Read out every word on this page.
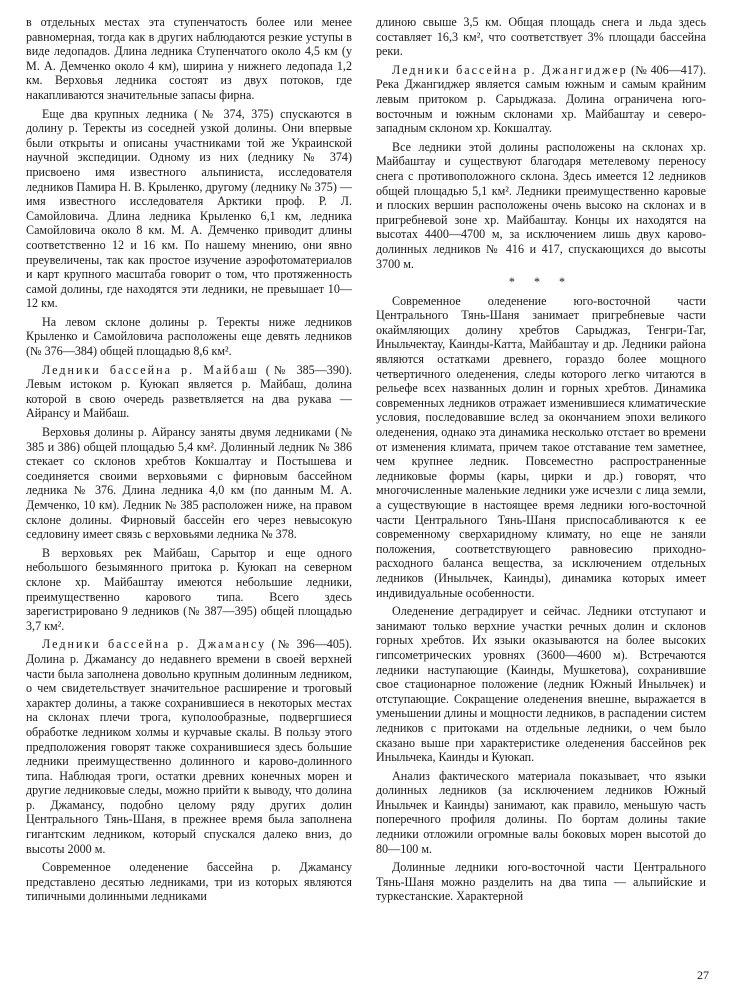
в отдельных местах эта ступенчатость более или менее равномерная, тогда как в других наблюдаются резкие уступы в виде ледопадов. Длина ледника Ступенчатого около 4,5 км (у М. А. Демченко около 4 км), ширина у нижнего ледопада 1,2 км. Верховья ледника состоят из двух потоков, где накапливаются значительные запасы фирна.

Еще два крупных ледника (№ 374, 375) спускаются в долину р. Теректы из соседней узкой долины. Они впервые были открыты и описаны участниками той же Украинской научной экспедиции. Одному из них (леднику № 374) присвоено имя известного альпиниста, исследователя ледников Памира Н. В. Крыленко, другому (леднику № 375) — имя известного исследователя Арктики проф. Р. Л. Самойловича. Длина ледника Крыленко 6,1 км, ледника Самойловича около 8 км. М. А. Демченко приводит длины соответственно 12 и 16 км. По нашему мнению, они явно преувеличены, так как простое изучение аэрофотоматериалов и карт крупного масштаба говорит о том, что протяженность самой долины, где находятся эти ледники, не превышает 10—12 км.

На левом склоне долины р. Теректы ниже ледников Крыленко и Самойловича расположены еще девять ледников (№ 376—384) общей площадью 8,6 км².

Ледники бассейна р. Майбаш (№ 385—390). Левым истоком р. Куюкап является р. Майбаш, долина которой в свою очередь разветвляется на два рукава — Айрансу и Майбаш.

Верховья долины р. Айрансу заняты двумя ледниками (№ 385 и 386) общей площадью 5,4 км². Долинный ледник № 386 стекает со склонов хребтов Кокшалтау и Постышева и соединяется своими верховьями с фирновым бассейном ледника № 376. Длина ледника 4,0 км (по данным М. А. Демченко, 10 км). Ледник № 385 расположен ниже, на правом склоне долины. Фирновый бассейн его через невысокую седловину имеет связь с верховьями ледника № 378.

В верховьях рек Майбаш, Сарытор и еще одного небольшого безымянного притока р. Куюкап на северном склоне хр. Майбаштау имеются небольшие ледники, преимущественно карового типа. Всего здесь зарегистрировано 9 ледников (№ 387—395) общей площадью 3,7 км².

Ледники бассейна р. Джамансу (№ 396—405). Долина р. Джамансу до недавнего времени в своей верхней части была заполнена довольно крупным долинным ледником, о чем свидетельствует значительное расширение и троговый характер долины, а также сохранившиеся в некоторых местах на склонах плечи трога, куполообразные, подвергшиеся обработке ледником холмы и курчавые скалы. В пользу этого предположения говорят также сохранившиеся здесь большие ледники преимущественно долинного и карово-долинного типа. Наблюдая троги, остатки древних конечных морен и другие ледниковые следы, можно прийти к выводу, что долина р. Джамансу, подобно целому ряду других долин Центрального Тянь-Шаня, в прежнее время была заполнена гигантским ледником, который спускался далеко вниз, до высоты 2000 м.

Современное оледенение бассейна р. Джамансу представлено десятью ледниками, три из которых являются типичными долинными ледниками

длиною свыше 3,5 км. Общая площадь снега и льда здесь составляет 16,3 км², что соответствует 3% площади бассейна реки.

Ледники бассейна р. Джангиджер (№ 406—417). Река Джангиджер является самым южным и самым крайним левым притоком р. Сарыджаза. Долина ограничена юго-восточным и южным склонами хр. Майбаштау и северо-западным склоном хр. Кокшалтау.

Все ледники этой долины расположены на склонах хр. Майбаштау и существуют благодаря метелевому переносу снега с противоположного склона. Здесь имеется 12 ледников общей площадью 5,1 км². Ледники преимущественно каровые и плоских вершин расположены очень высоко на склонах и в пригребневой зоне хр. Майбаштау. Концы их находятся на высотах 4400—4700 м, за исключением лишь двух карово-долинных ледников № 416 и 417, спускающихся до высоты 3700 м.

* * *

Современное оледенение юго-восточной части Центрального Тянь-Шаня занимает пригребневые части окаймляющих долину хребтов Сарыджаз, Тенгри-Таг, Иныльчектау, Каинды-Катта, Майбаштау и др. Ледники района являются остатками древнего, гораздо более мощного четвертичного оледенения, следы которого легко читаются в рельефе всех названных долин и горных хребтов. Динамика современных ледников отражает изменившиеся климатические условия, последовавшие вслед за окончанием эпохи великого оледенения, однако эта динамика несколько отстает во времени от изменения климата, причем такое отставание тем заметнее, чем крупнее ледник. Повсеместно распространенные ледниковые формы (кары, цирки и др.) говорят, что многочисленные маленькие ледники уже исчезли с лица земли, а существующие в настоящее время ледники юго-восточной части Центрального Тянь-Шаня приспосабливаются к ее современному сверхаридному климату, но еще не заняли положения, соответствующего равновесию приходно-расходного баланса вещества, за исключением отдельных ледников (Иныльчек, Каинды), динамика которых имеет индивидуальные особенности.

Оледенение деградирует и сейчас. Ледники отступают и занимают только верхние участки речных долин и склонов горных хребтов. Их языки оказываются на более высоких гипсометрических уровнях (3600—4600 м). Встречаются ледники наступающие (Каинды, Мушкетова), сохранившие свое стационарное положение (ледник Южный Иныльчек) и отступающие. Сокращение оледенения внешне, выражается в уменьшении длины и мощности ледников, в распадении систем ледников с притоками на отдельные ледники, о чем было сказано выше при характеристике оледенения бассейнов рек Иныльчека, Каинды и Куюкап.

Анализ фактического материала показывает, что языки долинных ледников (за исключением ледников Южный Иныльчек и Каинды) занимают, как правило, меньшую часть поперечного профиля долины. По бортам долины такие ледники отложили огромные валы боковых морен высотой до 80—100 м.

Долинные ледники юго-восточной части Центрального Тянь-Шаня можно разделить на два типа — альпийские и туркестанские. Характерной

27
